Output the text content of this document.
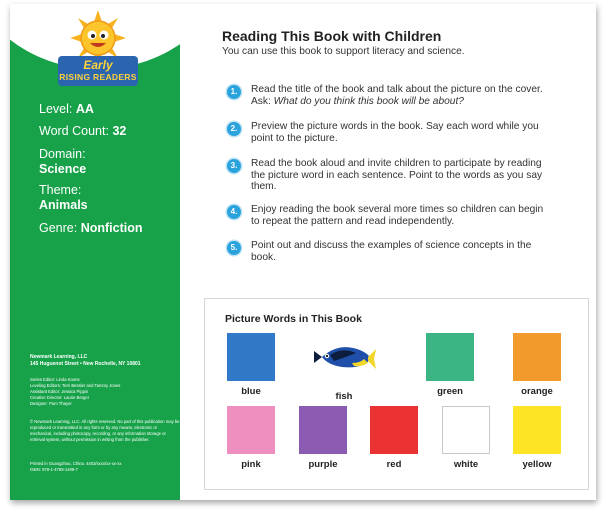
Early
RISING READERS
Level: AA
Word Count: 32
Domain:
Science
Theme:
Animals
Genre: Nonfiction
Newmark Learning, LLC
145 Huguenot Street • New Rochelle, NY 10801
Series Editor: Linda Koons
Leveling Editors: Terri Bessler and Tammy Jones
Assistant Editor: Jessica Pippin
Creative Director: Laurie Berger
Designer: Pam Thayer
© Newmark Learning, LLC. All rights reserved. No part of this publication may be reproduced or transmitted in any form or by any means, electronic or mechanical, including photocopy, recording, or any information storage or retrieval system, without permission in writing from the publisher.
Printed in Guangzhou, China. 4403/xxxx/xx-xx-xx
ISBN: 978-1-4788-1408-7
Reading This Book with Children
You can use this book to support literacy and science.
1.	Read the title of the book and talk about the picture on the cover. Ask: What do you think this book will be about?
2.	Preview the picture words in the book. Say each word while you point to the picture.
3.	Read the book aloud and invite children to participate by reading the picture word in each sentence. Point to the words as you say them.
4.	Enjoy reading the book several more times so children can begin to repeat the pattern and read independently.
5.	Point out and discuss the examples of science concepts in the book.
Picture Words in This Book
blue	fish	green	orange
pink	purple	red	white	yellow
